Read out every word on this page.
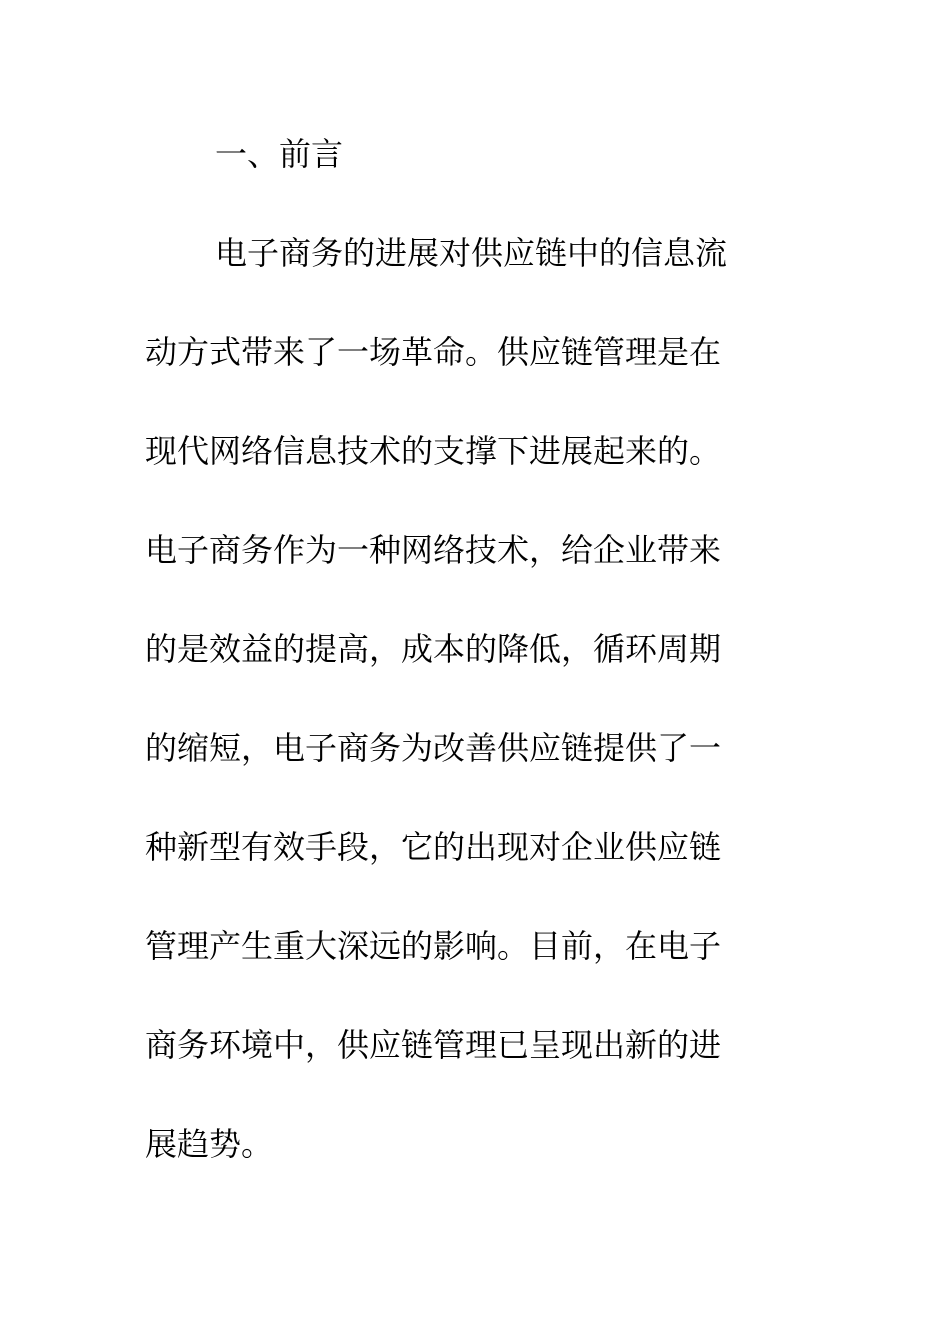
一、前言
电子商务的进展对供应链中的信息流
动方式带来了一场革命。供应链管理是在
现代网络信息技术的支撑下进展起来的。
电子商务作为一种网络技术，给企业带来
的是效益的提高，成本的降低，循环周期
的缩短，电子商务为改善供应链提供了一
种新型有效手段，它的出现对企业供应链
管理产生重大深远的影响。目前，在电子
商务环境中，供应链管理已呈现出新的进
展趋势。
